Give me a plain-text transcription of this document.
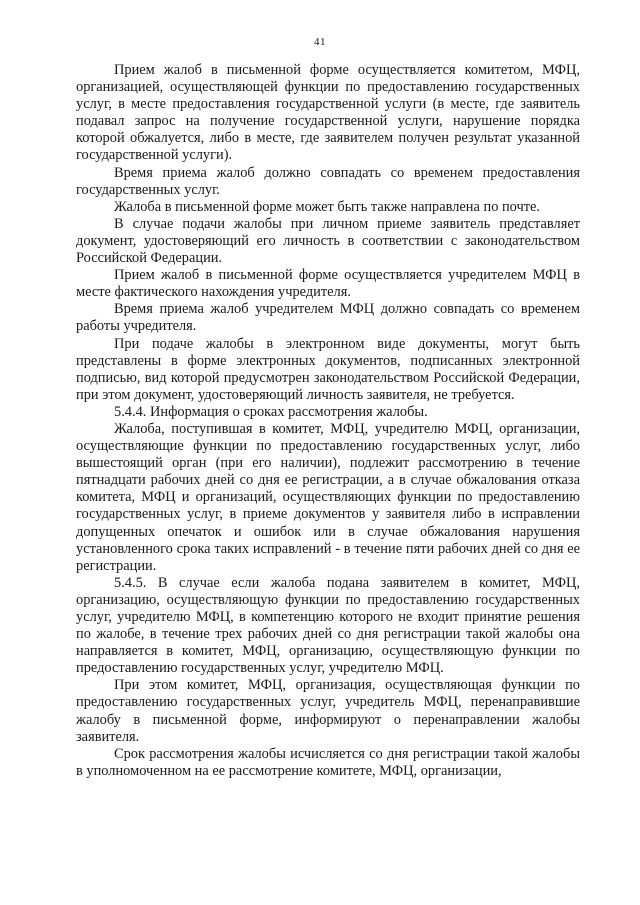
41

Прием жалоб в письменной форме осуществляется комитетом, МФЦ, организацией, осуществляющей функции по предоставлению государственных услуг, в месте предоставления государственной услуги (в месте, где заявитель подавал запрос на получение государственной услуги, нарушение порядка которой обжалуется, либо в месте, где заявителем получен результат указанной государственной услуги).

Время приема жалоб должно совпадать со временем предоставления государственных услуг.

Жалоба в письменной форме может быть также направлена по почте.

В случае подачи жалобы при личном приеме заявитель представляет документ, удостоверяющий его личность в соответствии с законодательством Российской Федерации.

Прием жалоб в письменной форме осуществляется учредителем МФЦ в месте фактического нахождения учредителя.

Время приема жалоб учредителем МФЦ должно совпадать со временем работы учредителя.

При подаче жалобы в электронном виде документы, могут быть представлены в форме электронных документов, подписанных электронной подписью, вид которой предусмотрен законодательством Российской Федерации, при этом документ, удостоверяющий личность заявителя, не требуется.

5.4.4. Информация о сроках рассмотрения жалобы.

Жалоба, поступившая в комитет, МФЦ, учредителю МФЦ, организации, осуществляющие функции по предоставлению государственных услуг, либо вышестоящий орган (при его наличии), подлежит рассмотрению в течение пятнадцати рабочих дней со дня ее регистрации, а в случае обжалования отказа комитета, МФЦ и организаций, осуществляющих функции по предоставлению государственных услуг, в приеме документов у заявителя либо в исправлении допущенных опечаток и ошибок или в случае обжалования нарушения установленного срока таких исправлений - в течение пяти рабочих дней со дня ее регистрации.

5.4.5. В случае если жалоба подана заявителем в комитет, МФЦ, организацию, осуществляющую функции по предоставлению государственных услуг, учредителю МФЦ, в компетенцию которого не входит принятие решения по жалобе, в течение трех рабочих дней со дня регистрации такой жалобы она направляется в комитет, МФЦ, организацию, осуществляющую функции по предоставлению государственных услуг, учредителю МФЦ.

При этом комитет, МФЦ, организация, осуществляющая функции по предоставлению государственных услуг, учредитель МФЦ, перенаправившие жалобу в письменной форме, информируют о перенаправлении жалобы заявителя.

Срок рассмотрения жалобы исчисляется со дня регистрации такой жалобы в уполномоченном на ее рассмотрение комитете, МФЦ, организации,
